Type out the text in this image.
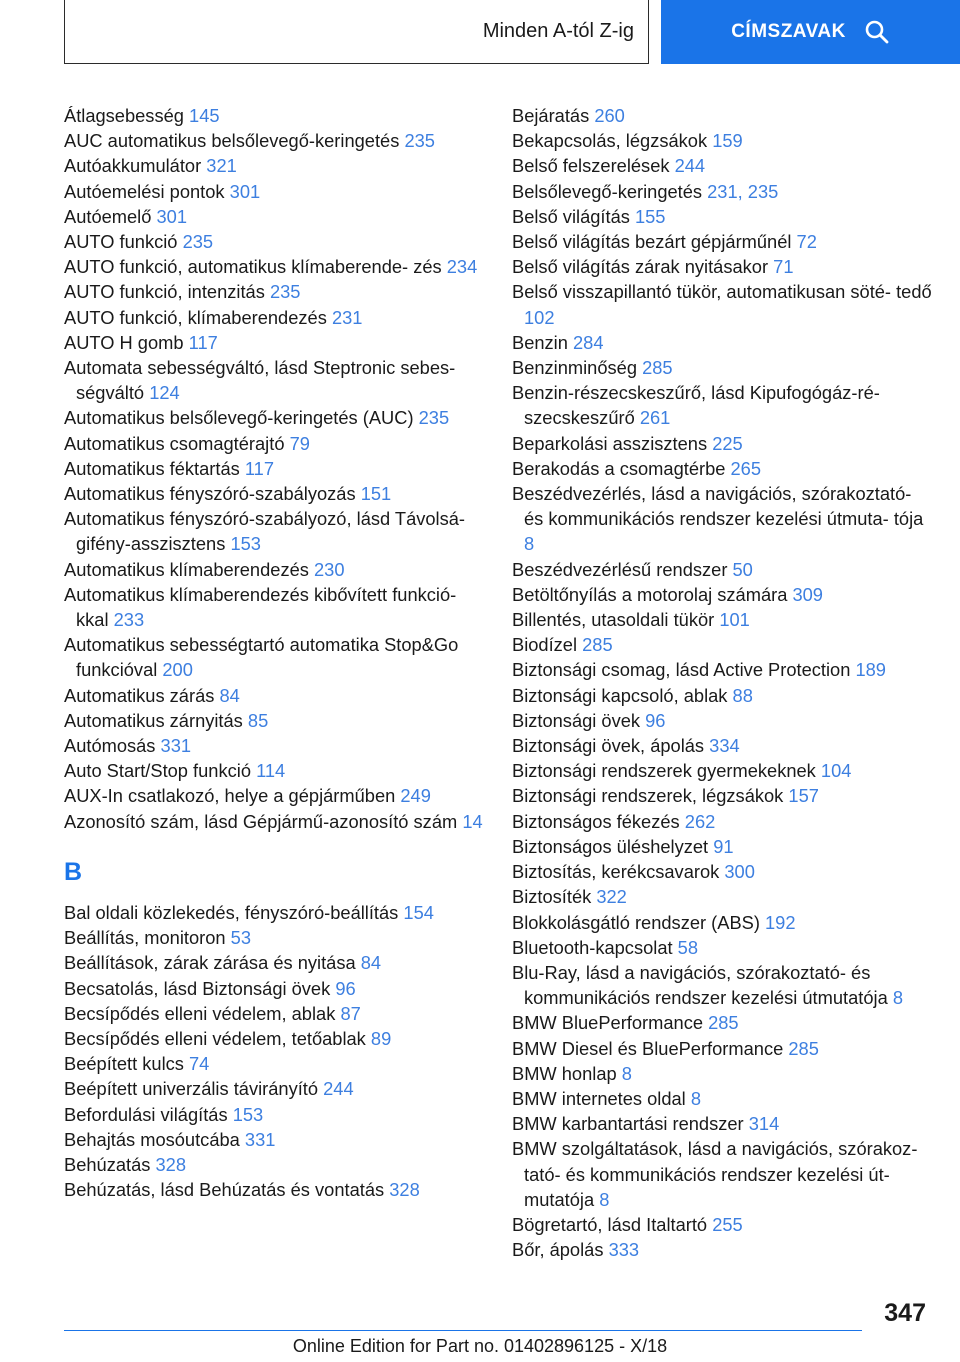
Minden A-tól Z-ig	CÍMSZAVAK
Átlagsebesség 145
AUC automatikus belsőlevegő-keringetés 235
Autóakkumulátor 321
Autóemelési pontok 301
Autóemelő 301
AUTO funkció 235
AUTO funkció, automatikus klímaberende- zés 234
AUTO funkció, intenzitás 235
AUTO funkció, klímaberendezés 231
AUTO H gomb 117
Automata sebességváltó, lásd Steptronic sebes- ségváltó 124
Automatikus belsőlevegő-keringetés (AUC) 235
Automatikus csomagtérajtó 79
Automatikus féktartás 117
Automatikus fényszóró-szabályozás 151
Automatikus fényszóró-szabályozó, lásd Távolsá- gifény-asszisztens 153
Automatikus klímaberendezés 230
Automatikus klímaberendezés kibővített funkció- kkal 233
Automatikus sebességtartó automatika Stop&Go funkcióval 200
Automatikus zárás 84
Automatikus zárnyitás 85
Autómosás 331
Auto Start/Stop funkció 114
AUX-In csatlakozó, helye a gépjárműben 249
Azonosító szám, lásd Gépjármű-azonosító szám 14
B
Bal oldali közlekedés, fényszóró-beállítás 154
Beállítás, monitoron 53
Beállítások, zárak zárása és nyitása 84
Becsatolás, lásd Biztonsági övek 96
Becsípődés elleni védelem, ablak 87
Becsípődés elleni védelem, tetőablak 89
Beépített kulcs 74
Beépített univerzális távirányító 244
Befordulási világítás 153
Behajtás mosóutcába 331
Behúzatás 328
Behúzatás, lásd Behúzatás és vontatás 328
Bejáratás 260
Bekapcsolás, légzsákok 159
Belső felszerelések 244
Belsőlevegő-keringetés 231, 235
Belső világítás 155
Belső világítás bezárt gépjárműnél 72
Belső világítás zárak nyitásakor 71
Belső visszapillantó tükör, automatikusan söté- tedő 102
Benzin 284
Benzinminőség 285
Benzin-részecskeszűrő, lásd Kipufogógáz-ré- szecskeszűrő 261
Beparkolási asszisztens 225
Berakodás a csomagtérbe 265
Beszédvezérlés, lásd a navigációs, szórakoztató- és kommunikációs rendszer kezelési útmuta- tója 8
Beszédvezérlésű rendszer 50
Betöltőnyílás a motorolaj számára 309
Billentés, utasoldali tükör 101
Biodízel 285
Biztonsági csomag, lásd Active Protection 189
Biztonsági kapcsoló, ablak 88
Biztonsági övek 96
Biztonsági övek, ápolás 334
Biztonsági rendszerek gyermekeknek 104
Biztonsági rendszerek, légzsákok 157
Biztonságos fékezés 262
Biztonságos üléshelyzet 91
Biztosítás, kerékcsavarok 300
Biztosíték 322
Blokkolásgátló rendszer (ABS) 192
Bluetooth-kapcsolat 58
Blu-Ray, lásd a navigációs, szórakoztató- és kommunikációs rendszer kezelési útmutatója 8
BMW BluePerformance 285
BMW Diesel és BluePerformance 285
BMW honlap 8
BMW internetes oldal 8
BMW karbantartási rendszer 314
BMW szolgáltatások, lásd a navigációs, szórakoz- tató- és kommunikációs rendszer kezelési út- mutatója 8
Bögretartó, lásd Italtartó 255
Bőr, ápolás 333
347
Online Edition for Part no. 01402896125 - X/18
